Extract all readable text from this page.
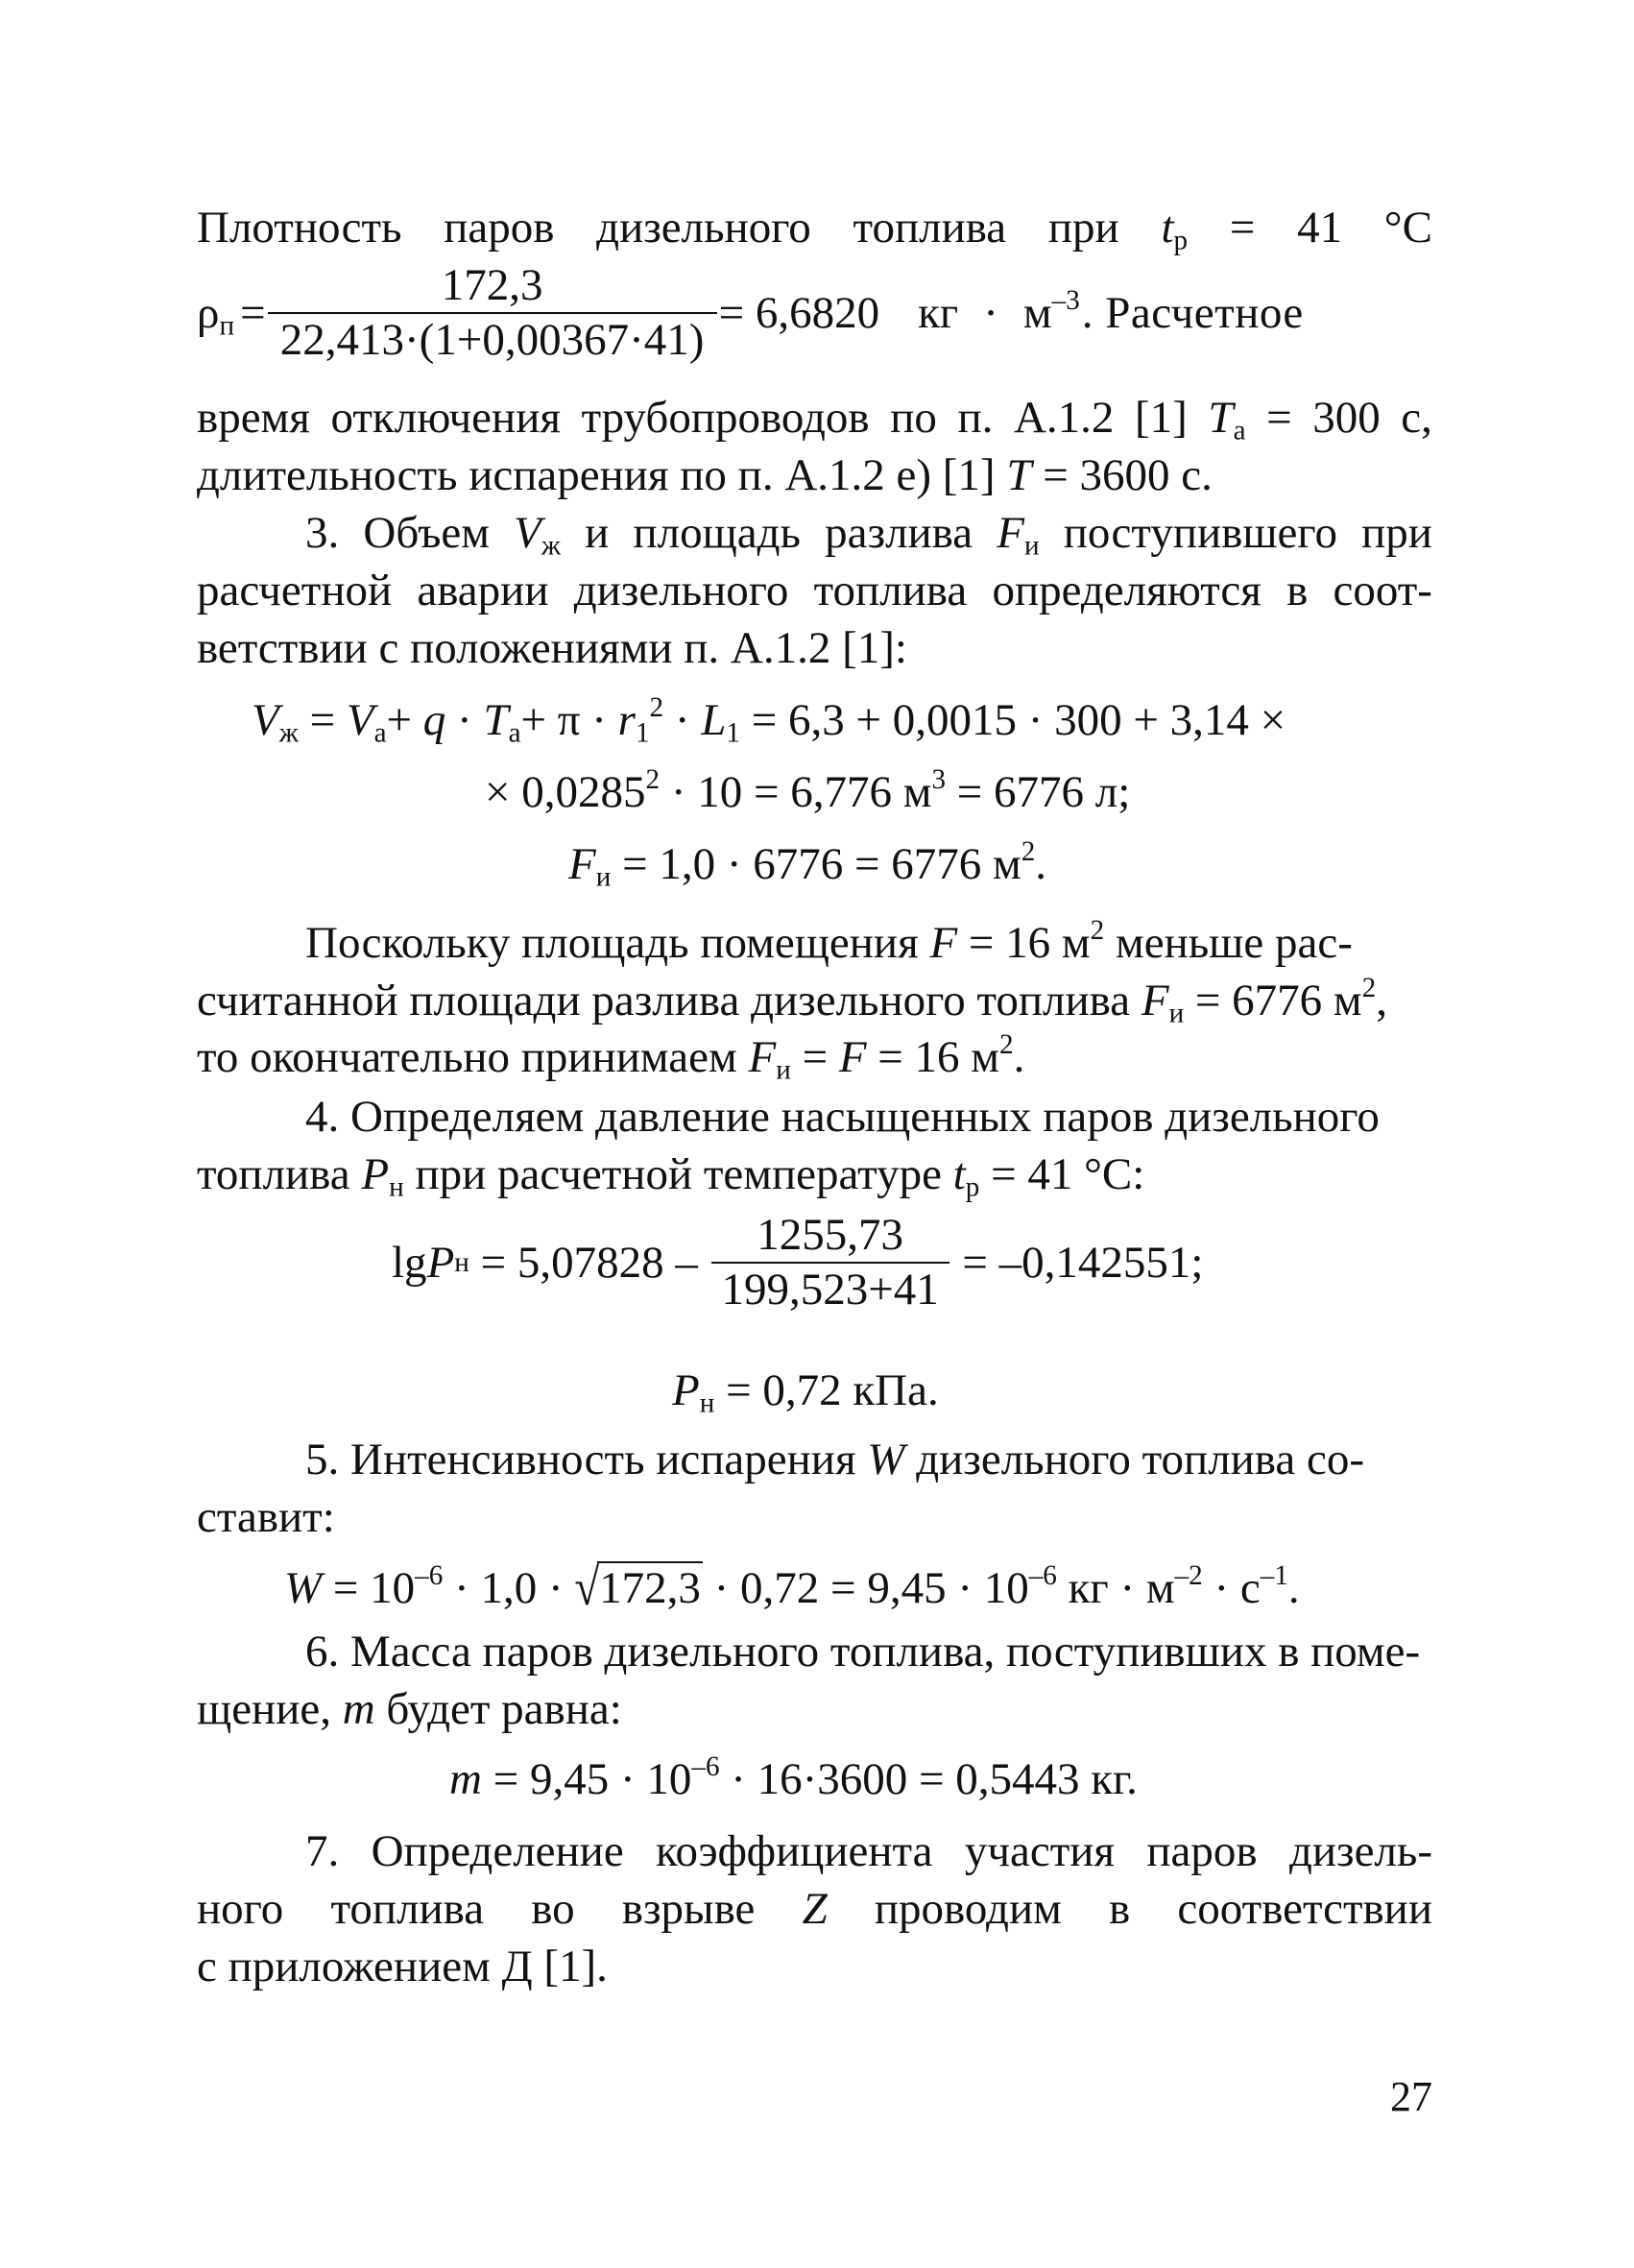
Плотность паров дизельного топлива при $t_р = 41$ °С
$\rho_п = \frac{172,3}{22,413\cdot(1+0,00367\cdot 41)} = 6,6820$ кг · $м^{-3}$ . Расчетное
время отключения трубопроводов по п. А.1.2 [1] $T_а = 300$ с,
длительность испарения по п. А.1.2 е) [1] T = 3600 с.
3. Объем $V_ж$ и площадь разлива $F_и$ поступившего при
расчетной аварии дизельного топлива определяются в соот-
ветствии с положениями п. А.1.2 [1]:
$V_ж = V_а+ q \cdot T_а+ \pi \cdot r_1^2 \cdot L_1 = 6,3 + 0,0015 \cdot 300 + 3,14$ ×
× $0,0285^2 \cdot 10 = 6,776$ $м^3 = 6776$ л;
$F_и = 1,0 \cdot 6776 = 6776$ $м^2$.
Поскольку площадь помещения F = 16 $м^2$ меньше рас-
считанной площади разлива дизельного топлива $F_и = 6776$ $м^2$,
то окончательно принимаем $F_и = F = 16$ $м^2$.
4. Определяем давление насыщенных паров дизельного
топлива $P_н$ при расчетной температуре $t_р = 41$ °С:
lg P $н = 5,07828 - \frac{1255,73}{199,523+41} = -0,142551$;
$P_н = 0,72$ кПа.
5. Интенсивность испарения W дизельного топлива со-
ставит:
$W = 10^{-6} \cdot 1,0 \cdot √172,3 \cdot 0,72 = 9,45 \cdot 10^{-6}$ кг · $м^{-2} \cdot с^{-1}$.
6. Масса паров дизельного топлива, поступивших в поме-
щение, m будет равна:
$m = 9,45 \cdot 10^{-6} \cdot 16\cdot 3600 = 0,5443$ кг.
7. Определение коэффициента участия паров дизель-
ного топлива во взрыве Z проводим в соответствии
с приложением Д [1].
27
